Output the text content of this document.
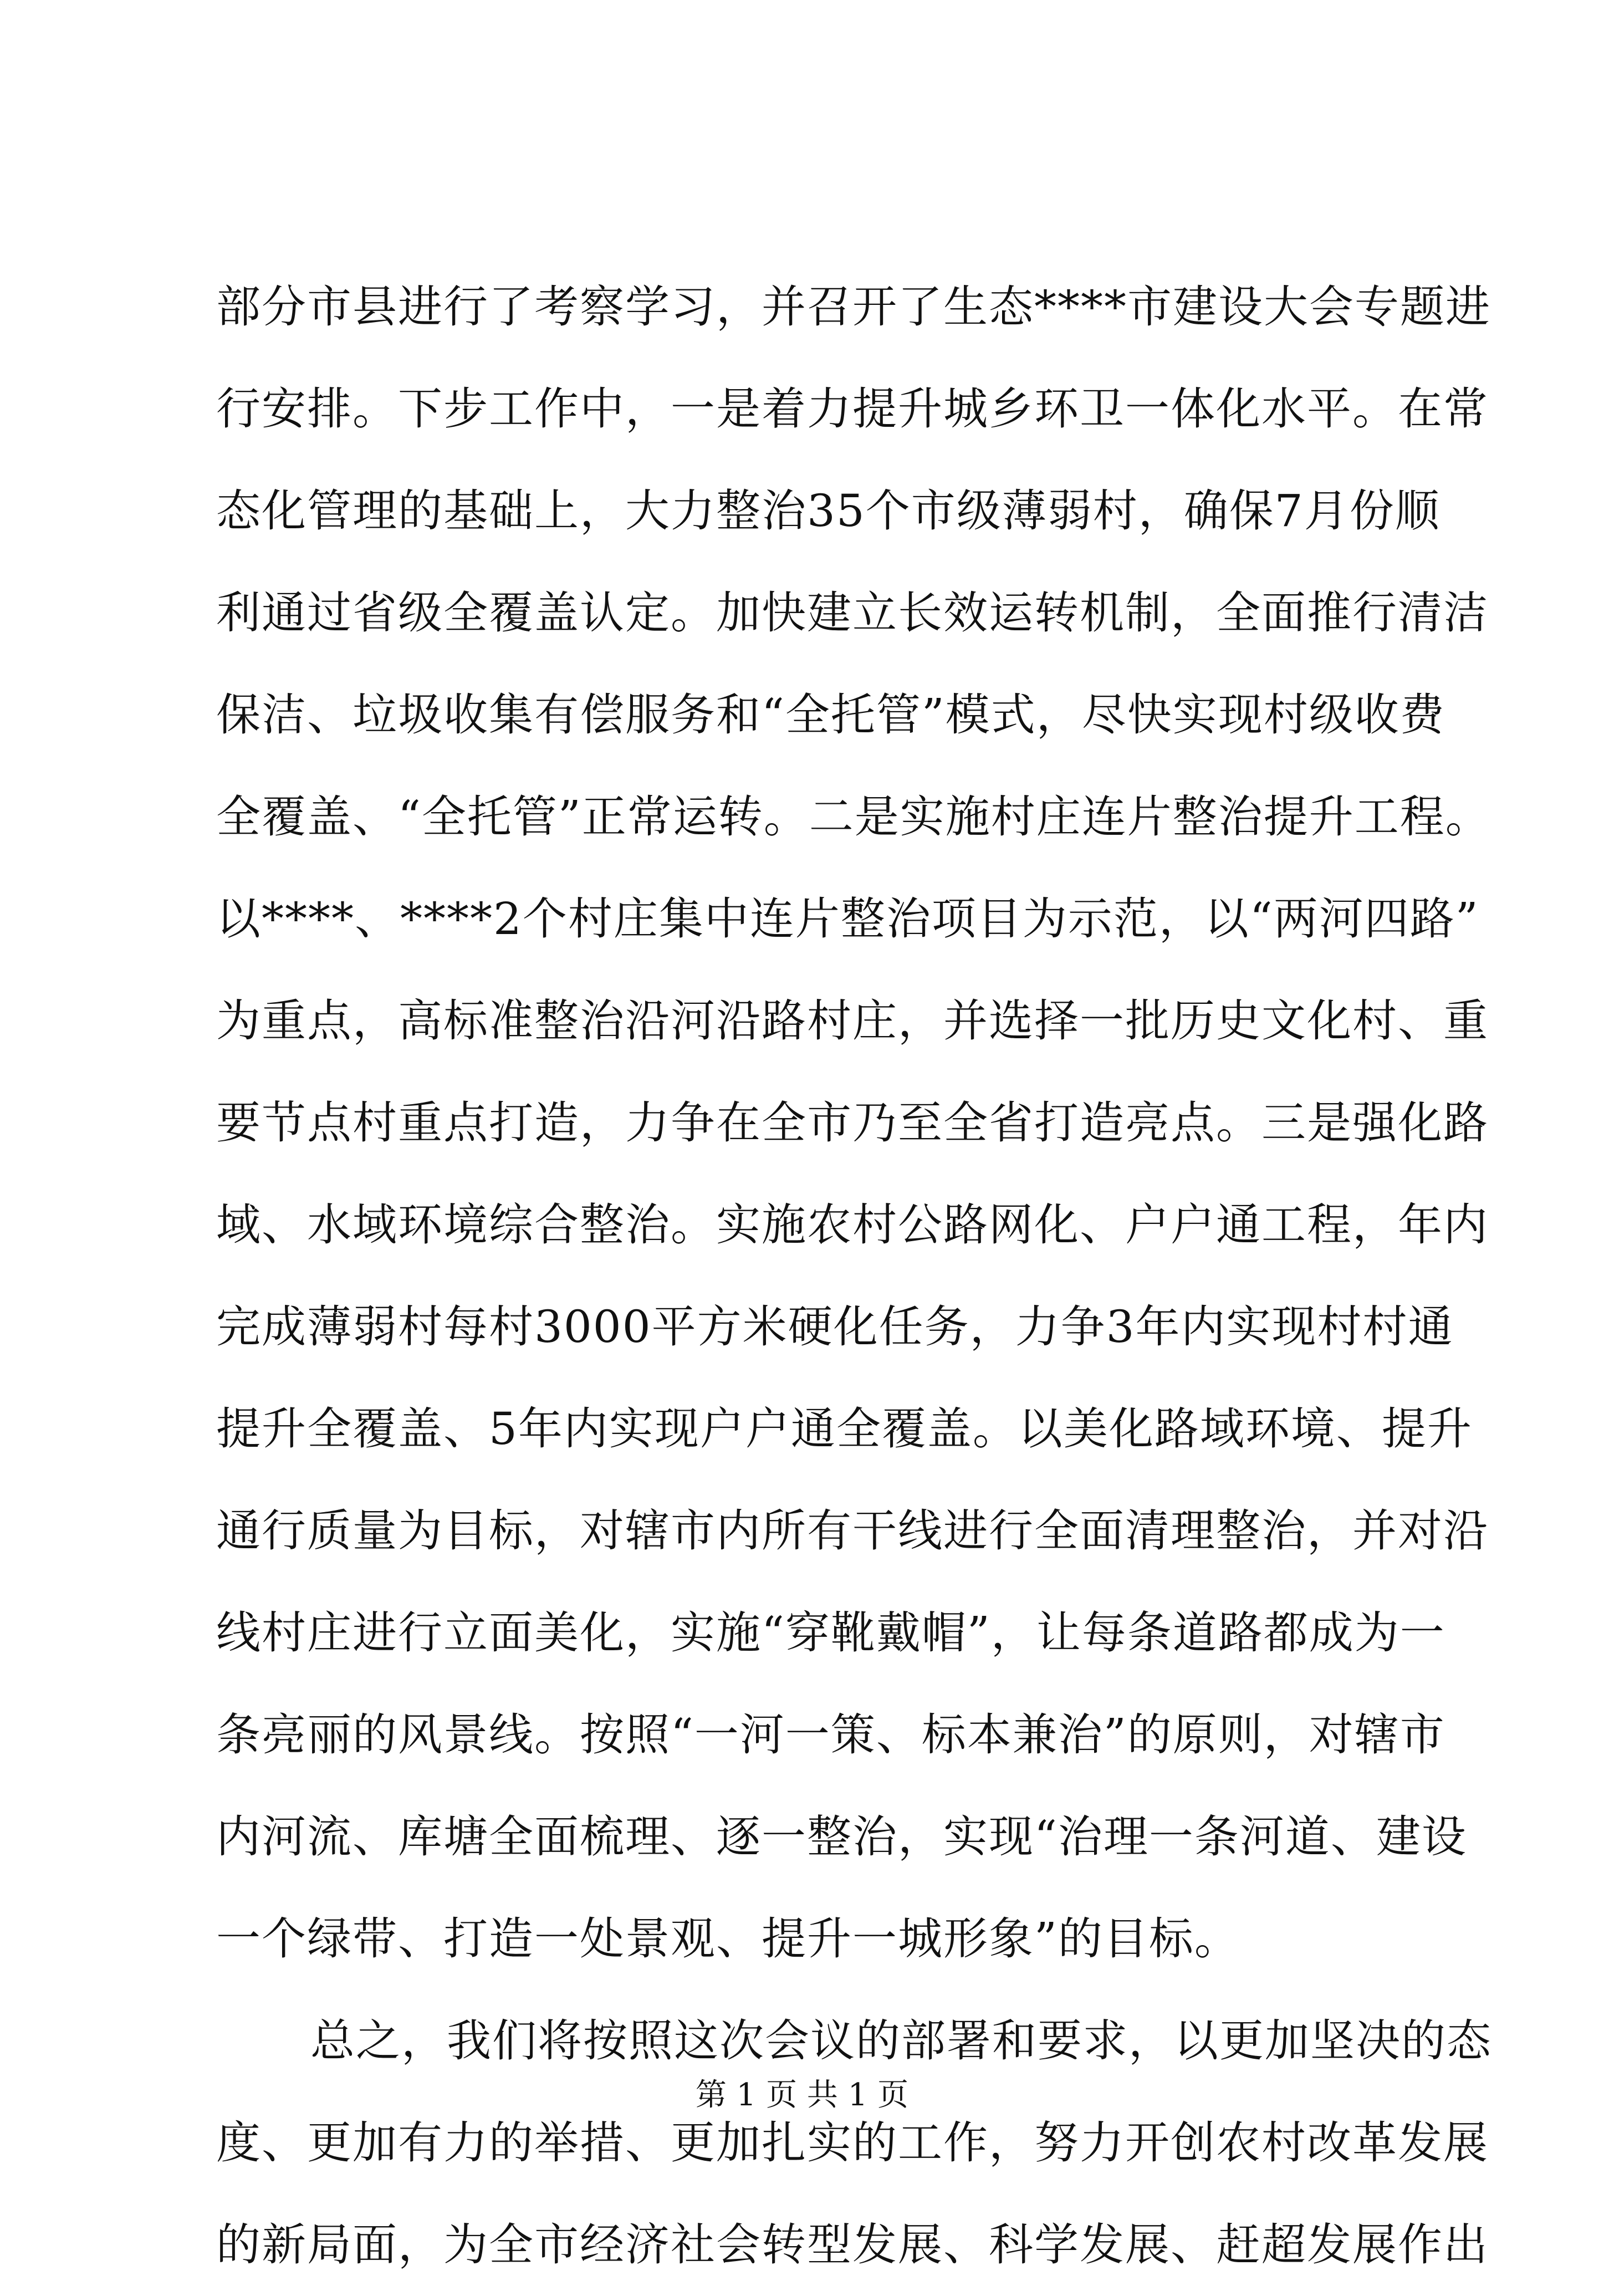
部分市县进行了考察学习，并召开了生态****市建设大会专题进
行安排。下步工作中，一是着力提升城乡环卫一体化水平。在常
态化管理的基础上，大力整治35个市级薄弱村，确保7月份顺
利通过省级全覆盖认定。加快建立长效运转机制，全面推行清洁
保洁、垃圾收集有偿服务和“全托管”模式，尽快实现村级收费
全覆盖、“全托管”正常运转。二是实施村庄连片整治提升工程。
以****、****2个村庄集中连片整治项目为示范，以“两河四路”
为重点，高标准整治沿河沿路村庄，并选择一批历史文化村、重
要节点村重点打造，力争在全市乃至全省打造亮点。三是强化路
域、水域环境综合整治。实施农村公路网化、户户通工程，年内
完成薄弱村每村3000平方米硬化任务，力争3年内实现村村通
提升全覆盖、5年内实现户户通全覆盖。以美化路域环境、提升
通行质量为目标，对辖市内所有干线进行全面清理整治，并对沿
线村庄进行立面美化，实施“穿靴戴帽”，让每条道路都成为一
条亮丽的风景线。按照“一河一策、标本兼治”的原则，对辖市
内河流、库塘全面梳理、逐一整治，实现“治理一条河道、建设
一个绿带、打造一处景观、提升一城形象”的目标。
总之，我们将按照这次会议的部署和要求，以更加坚决的态
度、更加有力的举措、更加扎实的工作，努力开创农村改革发展
的新局面，为全市经济社会转型发展、科学发展、赶超发展作出
第 1 页 共 1 页
